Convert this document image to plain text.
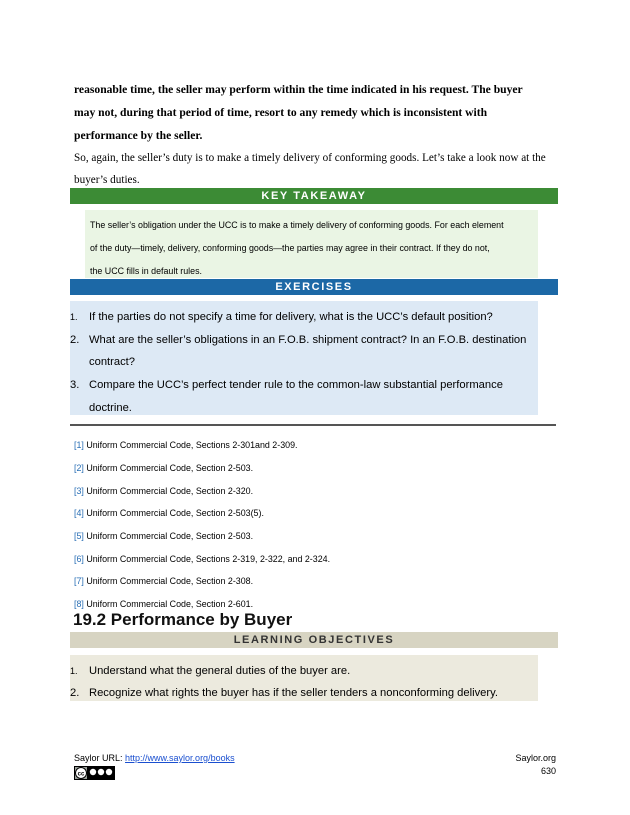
reasonable time, the seller may perform within the time indicated in his request. The buyer
may not, during that period of time, resort to any remedy which is inconsistent with
performance by the seller.
So, again, the seller’s duty is to make a timely delivery of conforming goods. Let’s take a look now at the
buyer’s duties.
KEY TAKEAWAY
The seller’s obligation under the UCC is to make a timely delivery of conforming goods. For each element
of the duty—timely, delivery, conforming goods—the parties may agree in their contract. If they do not,
the UCC fills in default rules.
EXERCISES
1. If the parties do not specify a time for delivery, what is the UCC’s default position?
2. What are the seller’s obligations in an F.O.B. shipment contract? In an F.O.B. destination
contract?
3. Compare the UCC’s perfect tender rule to the common-law substantial performance
doctrine.
[1] Uniform Commercial Code, Sections 2-301and 2-309.
[2] Uniform Commercial Code, Section 2-503.
[3] Uniform Commercial Code, Section 2-320.
[4] Uniform Commercial Code, Section 2-503(5).
[5] Uniform Commercial Code, Section 2-503.
[6] Uniform Commercial Code, Sections 2-319, 2-322, and 2-324.
[7] Uniform Commercial Code, Section 2-308.
[8] Uniform Commercial Code, Section 2-601.
19.2 Performance by Buyer
LEARNING OBJECTIVES
1. Understand what the general duties of the buyer are.
2. Recognize what rights the buyer has if the seller tenders a nonconforming delivery.
Saylor URL: http://www.saylor.org/books
cc
Saylor.org
630
